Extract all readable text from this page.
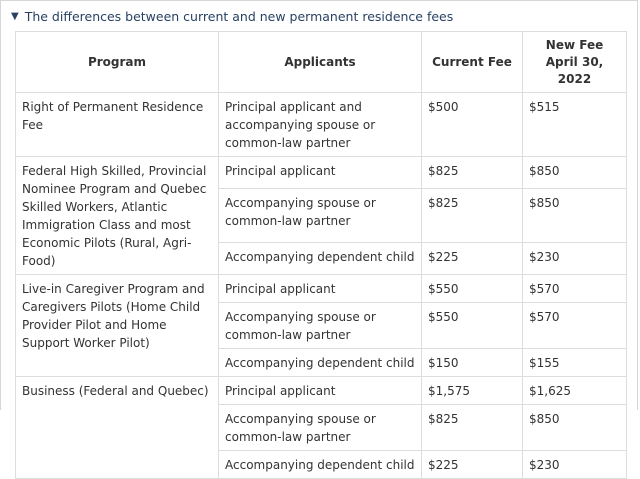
▼ The differences between current and new permanent residence fees
Program	Applicants	Current Fee	New Fee
April 30, 2022
Right of Permanent Residence Fee	Principal applicant and accompanying spouse or common-law partner	$500	$515
Federal High Skilled, Provincial Nominee Program and Quebec Skilled Workers, Atlantic Immigration Class and most Economic Pilots (Rural, Agri-Food)	Principal applicant	$825	$850
	Accompanying spouse or common-law partner	$825	$850
	Accompanying dependent child	$225	$230
Live-in Caregiver Program and Caregivers Pilots (Home Child Provider Pilot and Home Support Worker Pilot)	Principal applicant	$550	$570
	Accompanying spouse or common-law partner	$550	$570
	Accompanying dependent child	$150	$155
Business (Federal and Quebec)	Principal applicant	$1,575	$1,625
	Accompanying spouse or common-law partner	$825	$850
	Accompanying dependent child	$225	$230
